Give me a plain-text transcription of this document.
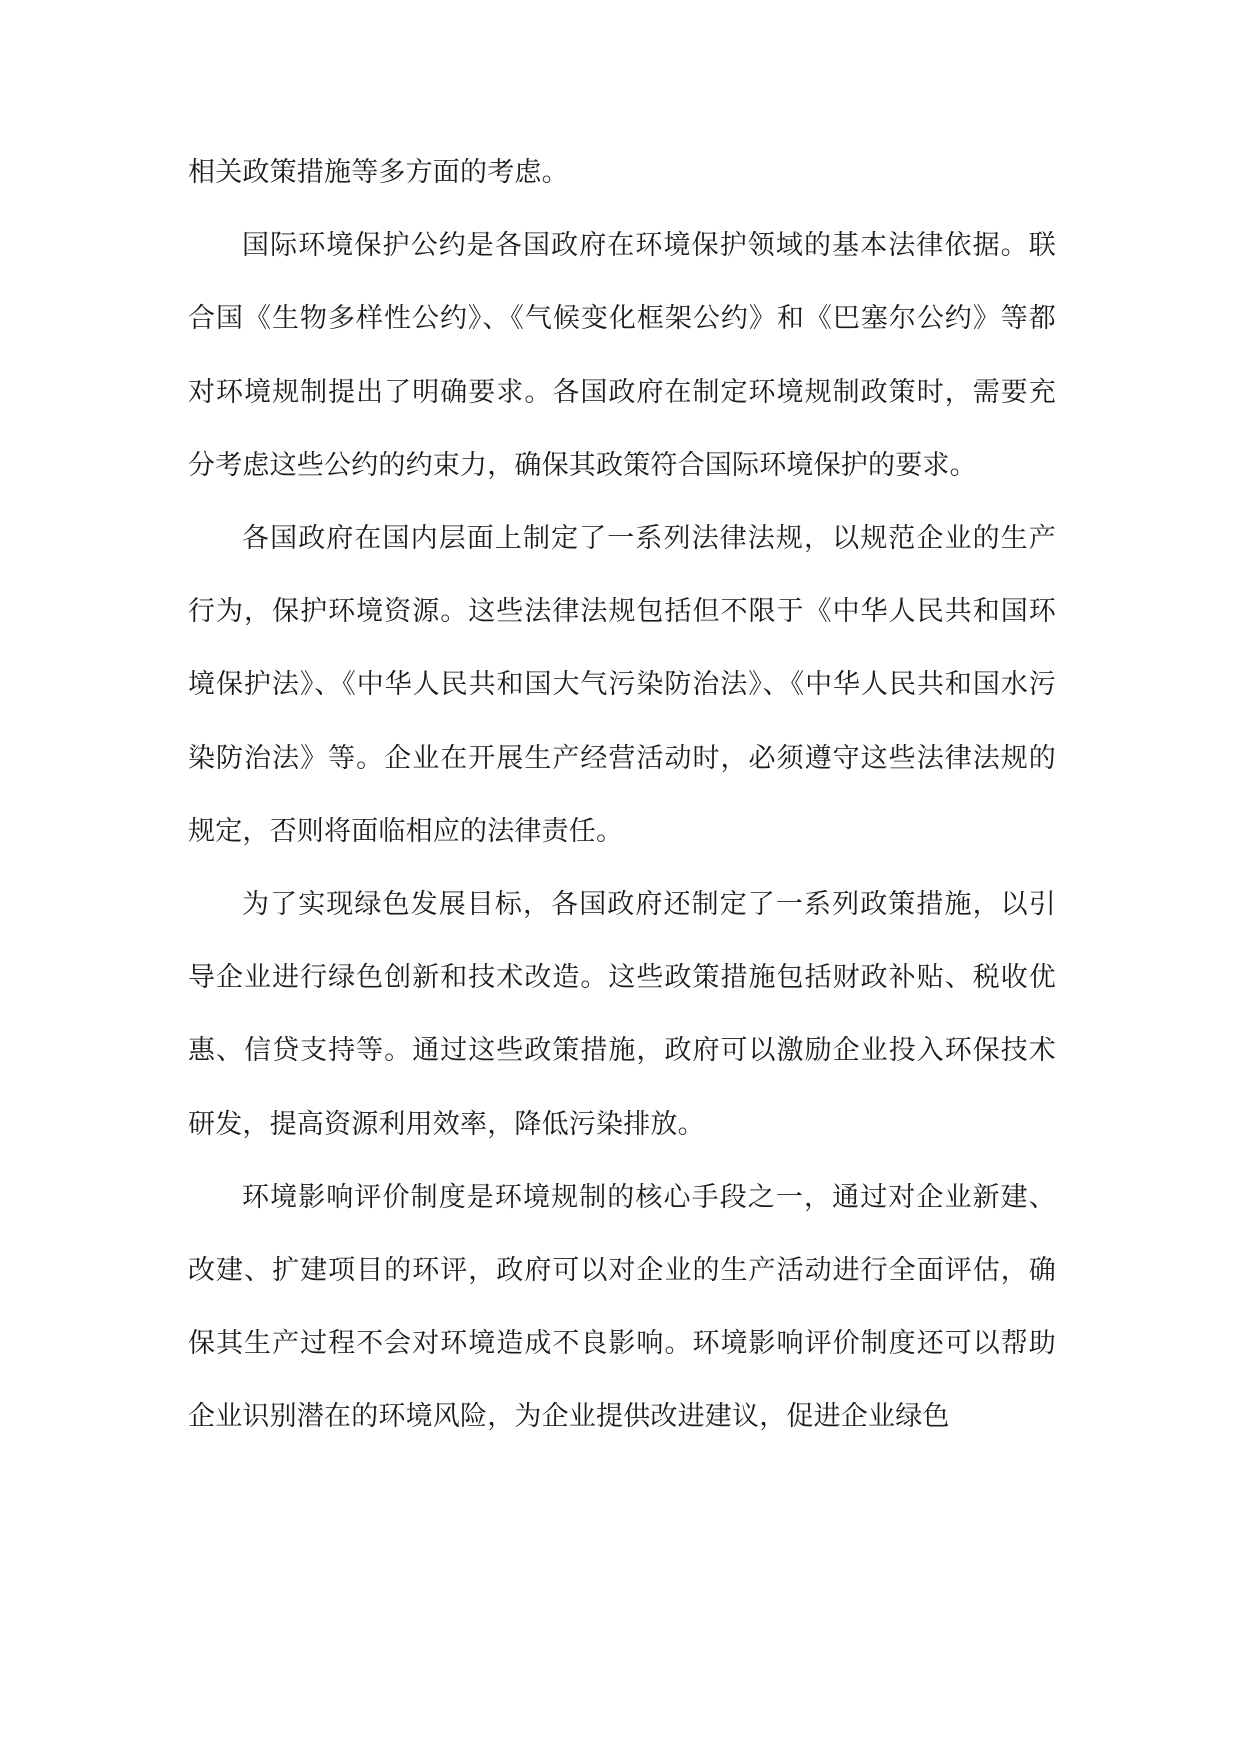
相关政策措施等多方面的考虑。

国际环境保护公约是各国政府在环境保护领域的基本法律依据。联合国《生物多样性公约》、《气候变化框架公约》和《巴塞尔公约》等都对环境规制提出了明确要求。各国政府在制定环境规制政策时，需要充分考虑这些公约的约束力，确保其政策符合国际环境保护的要求。

各国政府在国内层面上制定了一系列法律法规，以规范企业的生产行为，保护环境资源。这些法律法规包括但不限于《中华人民共和国环境保护法》、《中华人民共和国大气污染防治法》、《中华人民共和国水污染防治法》等。企业在开展生产经营活动时，必须遵守这些法律法规的规定，否则将面临相应的法律责任。

为了实现绿色发展目标，各国政府还制定了一系列政策措施，以引导企业进行绿色创新和技术改造。这些政策措施包括财政补贴、税收优惠、信贷支持等。通过这些政策措施，政府可以激励企业投入环保技术研发，提高资源利用效率，降低污染排放。

环境影响评价制度是环境规制的核心手段之一，通过对企业新建、改建、扩建项目的环评，政府可以对企业的生产活动进行全面评估，确保其生产过程不会对环境造成不良影响。环境影响评价制度还可以帮助企业识别潜在的环境风险，为企业提供改进建议，促进企业绿色
